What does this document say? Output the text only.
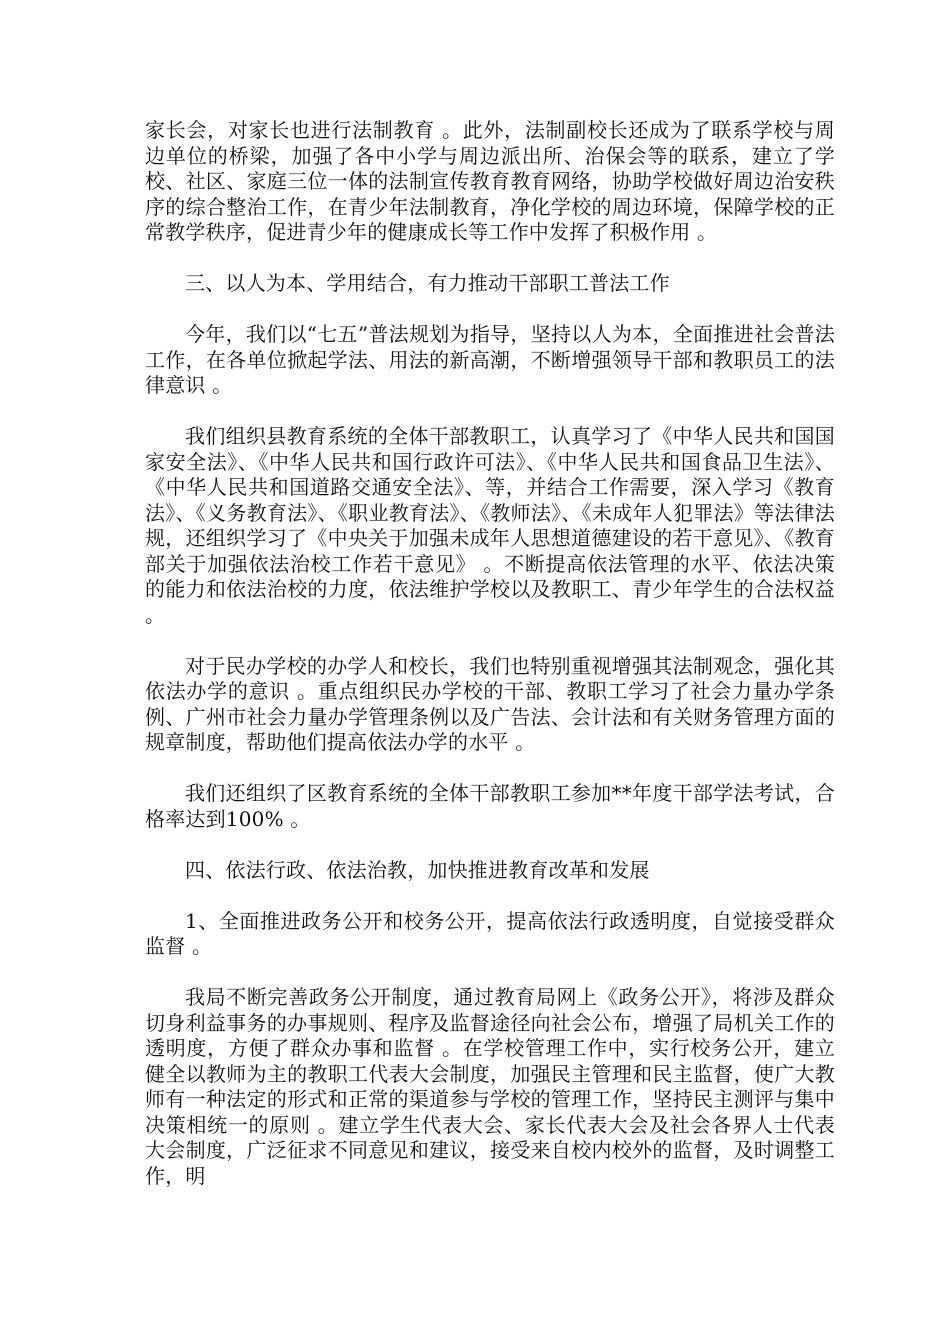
家长会，对家长也进行法制教育 。此外，法制副校长还成为了联系学校与周边单位的桥梁，加强了各中小学与周边派出所、治保会等的联系，建立了学校、社区、家庭三位一体的法制宣传教育教育网络，协助学校做好周边治安秩序的综合整治工作，在青少年法制教育，净化学校的周边环境，保障学校的正常教学秩序，促进青少年的健康成长等工作中发挥了积极作用 。

三、以人为本、学用结合，有力推动干部职工普法工作

今年，我们以“七五”普法规划为指导，坚持以人为本，全面推进社会普法工作，在各单位掀起学法、用法的新高潮，不断增强领导干部和教职员工的法律意识 。

我们组织县教育系统的全体干部教职工，认真学习了《中华人民共和国国家安全法》、《中华人民共和国行政许可法》、《中华人民共和国食品卫生法》、《中华人民共和国道路交通安全法》、等，并结合工作需要，深入学习《教育法》、《义务教育法》、《职业教育法》、《教师法》、《未成年人犯罪法》等法律法规，还组织学习了《中央关于加强未成年人思想道德建设的若干意见》、《教育部关于加强依法治校工作若干意见》 。不断提高依法管理的水平、依法决策的能力和依法治校的力度，依法维护学校以及教职工、青少年学生的合法权益 。

对于民办学校的办学人和校长，我们也特别重视增强其法制观念，强化其依法办学的意识 。重点组织民办学校的干部、教职工学习了社会力量办学条例、广州市社会力量办学管理条例以及广告法、会计法和有关财务管理方面的规章制度，帮助他们提高依法办学的水平 。

我们还组织了区教育系统的全体干部教职工参加**年度干部学法考试，合格率达到100% 。

四、依法行政、依法治教，加快推进教育改革和发展

1、全面推进政务公开和校务公开，提高依法行政透明度，自觉接受群众监督 。

我局不断完善政务公开制度，通过教育局网上《政务公开》，将涉及群众切身利益事务的办事规则、程序及监督途径向社会公布，增强了局机关工作的透明度，方便了群众办事和监督 。在学校管理工作中，实行校务公开，建立健全以教师为主的教职工代表大会制度，加强民主管理和民主监督，使广大教师有一种法定的形式和正常的渠道参与学校的管理工作，坚持民主测评与集中决策相统一的原则 。建立学生代表大会、家长代表大会及社会各界人士代表大会制度，广泛征求不同意见和建议，接受来自校内校外的监督，及时调整工作，明
